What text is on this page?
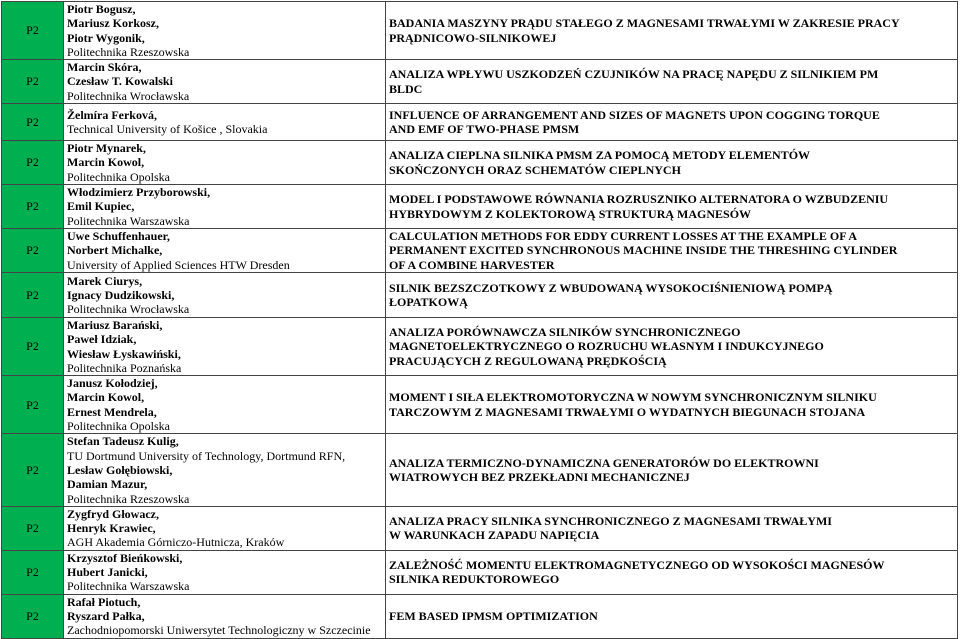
P2	Piotr Bogusz,
Mariusz Korkosz,
Piotr Wygonik,
Politechnika Rzeszowska	BADANIA MASZYNY PRĄDU STAŁEGO Z MAGNESAMI TRWAŁYMI W ZAKRESIE PRACY
PRĄDNICOWO-SILNIKOWEJ

P2	Marcin Skóra,
Czesław T. Kowalski
Politechnika Wrocławska	ANALIZA WPŁYWU USZKODZEŃ CZUJNIKÓW NA PRACĘ NAPĘDU Z SILNIKIEM PM
BLDC

P2	Želmíra Ferková,
Technical University of Košice , Slovakia	INFLUENCE OF ARRANGEMENT AND SIZES OF MAGNETS UPON COGGING TORQUE
AND EMF OF TWO-PHASE PMSM

P2	Piotr Mynarek,
Marcin Kowol,
Politechnika Opolska	ANALIZA CIEPLNA SILNIKA PMSM ZA POMOCĄ METODY ELEMENTÓW
SKOŃCZONYCH ORAZ SCHEMATÓW CIEPLNYCH

P2	Włodzimierz Przyborowski,
Emil Kupiec,
Politechnika Warszawska	MODEL I PODSTAWOWE RÓWNANIA ROZRUSZNIKO ALTERNATORA O WZBUDZENIU
HYBRYDOWYM Z KOLEKTOROWĄ STRUKTURĄ MAGNESÓW

P2	Uwe Schuffenhauer,
Norbert Michalke,
University of Applied Sciences HTW Dresden	CALCULATION METHODS FOR EDDY CURRENT LOSSES AT THE EXAMPLE OF A
PERMANENT EXCITED SYNCHRONOUS MACHINE INSIDE THE THRESHING CYLINDER
OF A COMBINE HARVESTER

P2	Marek Ciurys,
Ignacy Dudzikowski,
Politechnika Wrocławska	SILNIK BEZSZCZOTKOWY Z WBUDOWANĄ WYSOKOCIŚNIENIOWĄ POMPĄ
ŁOPATKOWĄ

P2	Mariusz Barański,
Paweł Idziak,
Wiesław Łyskawiński,
Politechnika Poznańska	ANALIZA PORÓWNAWCZA SILNIKÓW SYNCHRONICZNEGO
MAGNETOELEKTRYCZNEGO O ROZRUCHU WŁASNYM I INDUKCYJNEGO
PRACUJĄCYCH Z REGULOWANĄ PRĘDKOŚCIĄ

P2	Janusz Kołodziej,
Marcin Kowol,
Ernest Mendrela,
Politechnika Opolska	MOMENT I SIŁA ELEKTROMOTORYCZNA W NOWYM SYNCHRONICZNYM SILNIKU
TARCZOWYM Z MAGNESAMI TRWAŁYMI O WYDATNYCH BIEGUNACH STOJANA

P2	Stefan Tadeusz Kulig,
TU Dortmund University of Technology, Dortmund RFN,
Lesław Gołębiowski,
Damian Mazur,
Politechnika Rzeszowska	ANALIZA TERMICZNO-DYNAMICZNA GENERATORÓW DO ELEKTROWNI
WIATROWYCH BEZ PRZEKŁADNI MECHANICZNEJ

P2	Zygfryd Głowacz,
Henryk Krawiec,
AGH Akademia Górniczo-Hutnicza, Kraków	ANALIZA PRACY SILNIKA SYNCHRONICZNEGO Z MAGNESAMI TRWAŁYMI
W WARUNKACH ZAPADU NAPIĘCIA

P2	Krzysztof Bieńkowski,
Hubert Janicki,
Politechnika Warszawska	ZALEŻNOŚĆ MOMENTU ELEKTROMAGNETYCZNEGO OD WYSOKOŚCI MAGNESÓW
SILNIKA REDUKTOROWEGO

P2	Rafał Piotuch,
Ryszard Pałka,
Zachodniopomorski Uniwersytet Technologiczny w Szczecinie	FEM BASED IPMSM OPTIMIZATION
